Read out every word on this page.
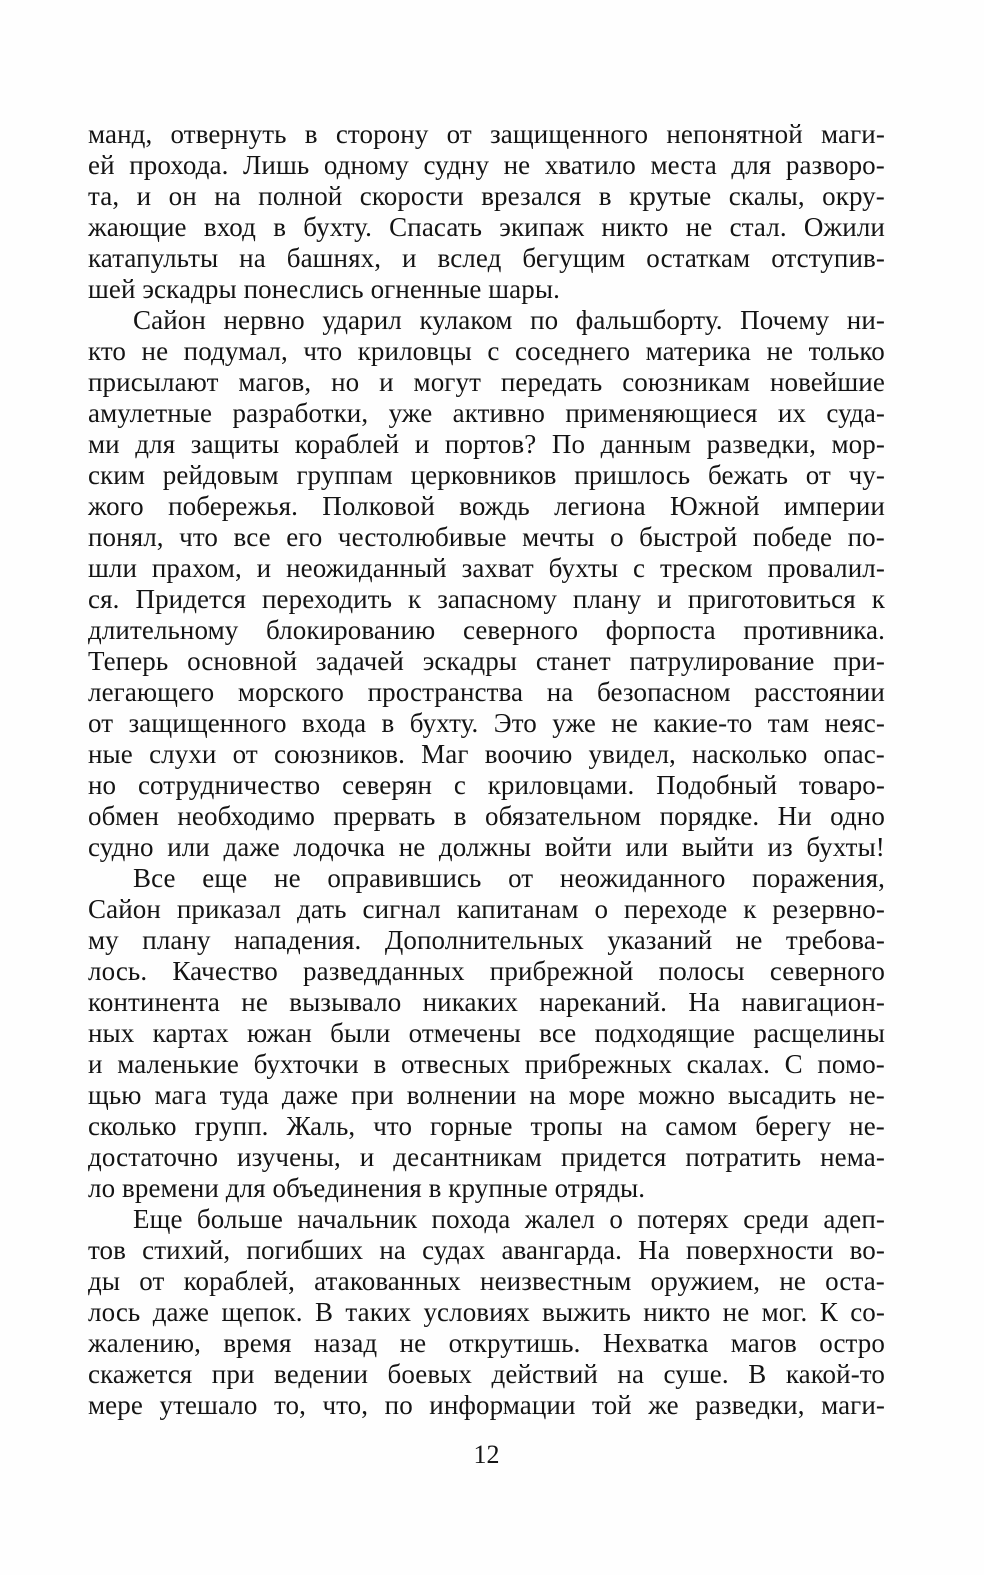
манд, отвернуть в сторону от защищенного непонятной маги-
ей прохода. Лишь одному судну не хватило места для разворо-
та, и он на полной скорости врезался в крутые скалы, окру-
жающие вход в бухту. Спасать экипаж никто не стал. Ожили
катапульты на башнях, и вслед бегущим остаткам отступив-
шей эскадры понеслись огненные шары.
Сайон нервно ударил кулаком по фальшборту. Почему ни-
кто не подумал, что криловцы с соседнего материка не только
присылают магов, но и могут передать союзникам новейшие
амулетные разработки, уже активно применяющиеся их суда-
ми для защиты кораблей и портов? По данным разведки, мор-
ским рейдовым группам церковников пришлось бежать от чу-
жого побережья. Полковой вождь легиона Южной империи
понял, что все его честолюбивые мечты о быстрой победе по-
шли прахом, и неожиданный захват бухты с треском провалил-
ся. Придется переходить к запасному плану и приготовиться к
длительному блокированию северного форпоста противника.
Теперь основной задачей эскадры станет патрулирование при-
легающего морского пространства на безопасном расстоянии
от защищенного входа в бухту. Это уже не какие-то там неяс-
ные слухи от союзников. Маг воочию увидел, насколько опас-
но сотрудничество северян с криловцами. Подобный товаро-
обмен необходимо прервать в обязательном порядке. Ни одно
судно или даже лодочка не должны войти или выйти из бухты!
Все еще не оправившись от неожиданного поражения,
Сайон приказал дать сигнал капитанам о переходе к резервно-
му плану нападения. Дополнительных указаний не требова-
лось. Качество разведданных прибрежной полосы северного
континента не вызывало никаких нареканий. На навигацион-
ных картах южан были отмечены все подходящие расщелины
и маленькие бухточки в отвесных прибрежных скалах. С помо-
щью мага туда даже при волнении на море можно высадить не-
сколько групп. Жаль, что горные тропы на самом берегу не-
достаточно изучены, и десантникам придется потратить нема-
ло времени для объединения в крупные отряды.
Еще больше начальник похода жалел о потерях среди адеп-
тов стихий, погибших на судах авангарда. На поверхности во-
ды от кораблей, атакованных неизвестным оружием, не оста-
лось даже щепок. В таких условиях выжить никто не мог. К со-
жалению, время назад не открутишь. Нехватка магов остро
скажется при ведении боевых действий на суше. В какой-то
мере утешало то, что, по информации той же разведки, маги-
12
